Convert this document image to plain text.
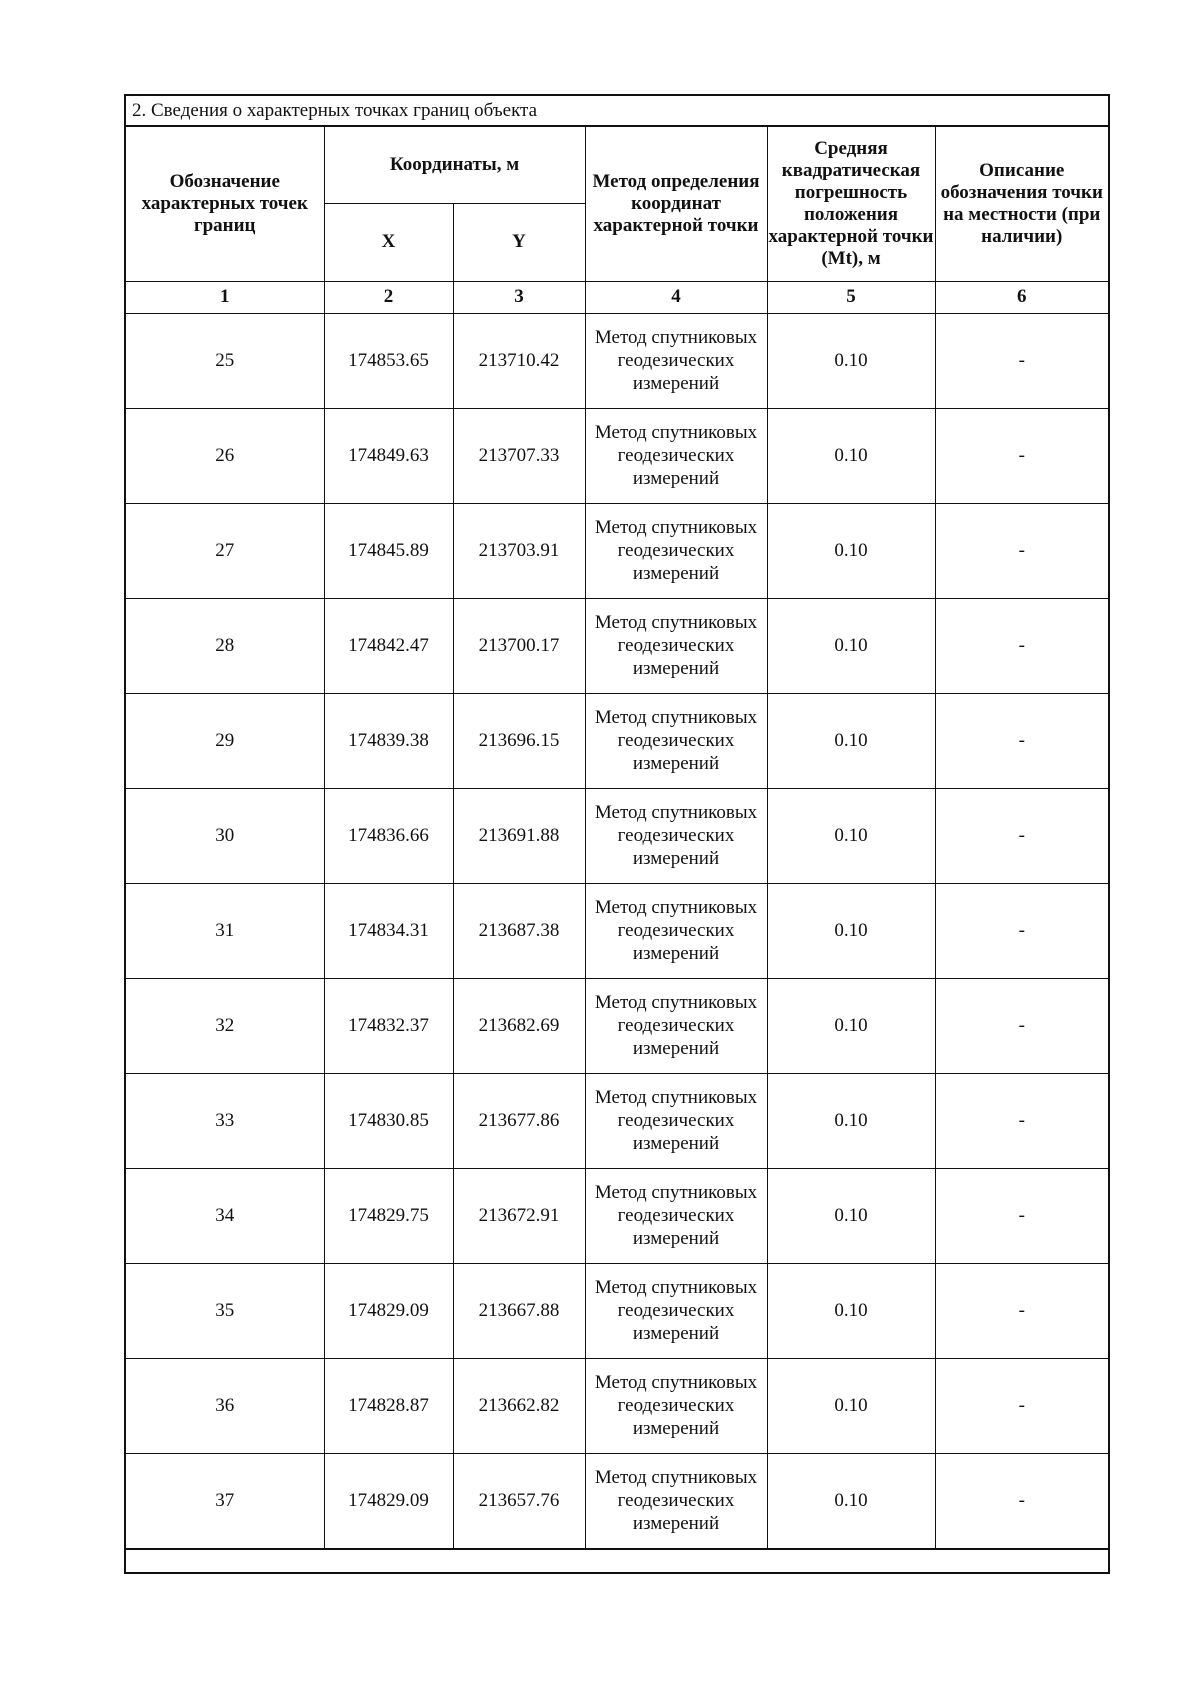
2. Сведения о характерных точках границ объекта
Обозначение характерных точек границ	Координаты, м		Метод определения координат характерной точки	Средняя квадратическая погрешность положения характерной точки (Mt), м	Описание обозначения точки на местности (при наличии)
	X	Y			
1	2	3	4	5	6
25	174853.65	213710.42	Метод спутниковых геодезических измерений	0.10	-
26	174849.63	213707.33	Метод спутниковых геодезических измерений	0.10	-
27	174845.89	213703.91	Метод спутниковых геодезических измерений	0.10	-
28	174842.47	213700.17	Метод спутниковых геодезических измерений	0.10	-
29	174839.38	213696.15	Метод спутниковых геодезических измерений	0.10	-
30	174836.66	213691.88	Метод спутниковых геодезических измерений	0.10	-
31	174834.31	213687.38	Метод спутниковых геодезических измерений	0.10	-
32	174832.37	213682.69	Метод спутниковых геодезических измерений	0.10	-
33	174830.85	213677.86	Метод спутниковых геодезических измерений	0.10	-
34	174829.75	213672.91	Метод спутниковых геодезических измерений	0.10	-
35	174829.09	213667.88	Метод спутниковых геодезических измерений	0.10	-
36	174828.87	213662.82	Метод спутниковых геодезических измерений	0.10	-
37	174829.09	213657.76	Метод спутниковых геодезических измерений	0.10	-
